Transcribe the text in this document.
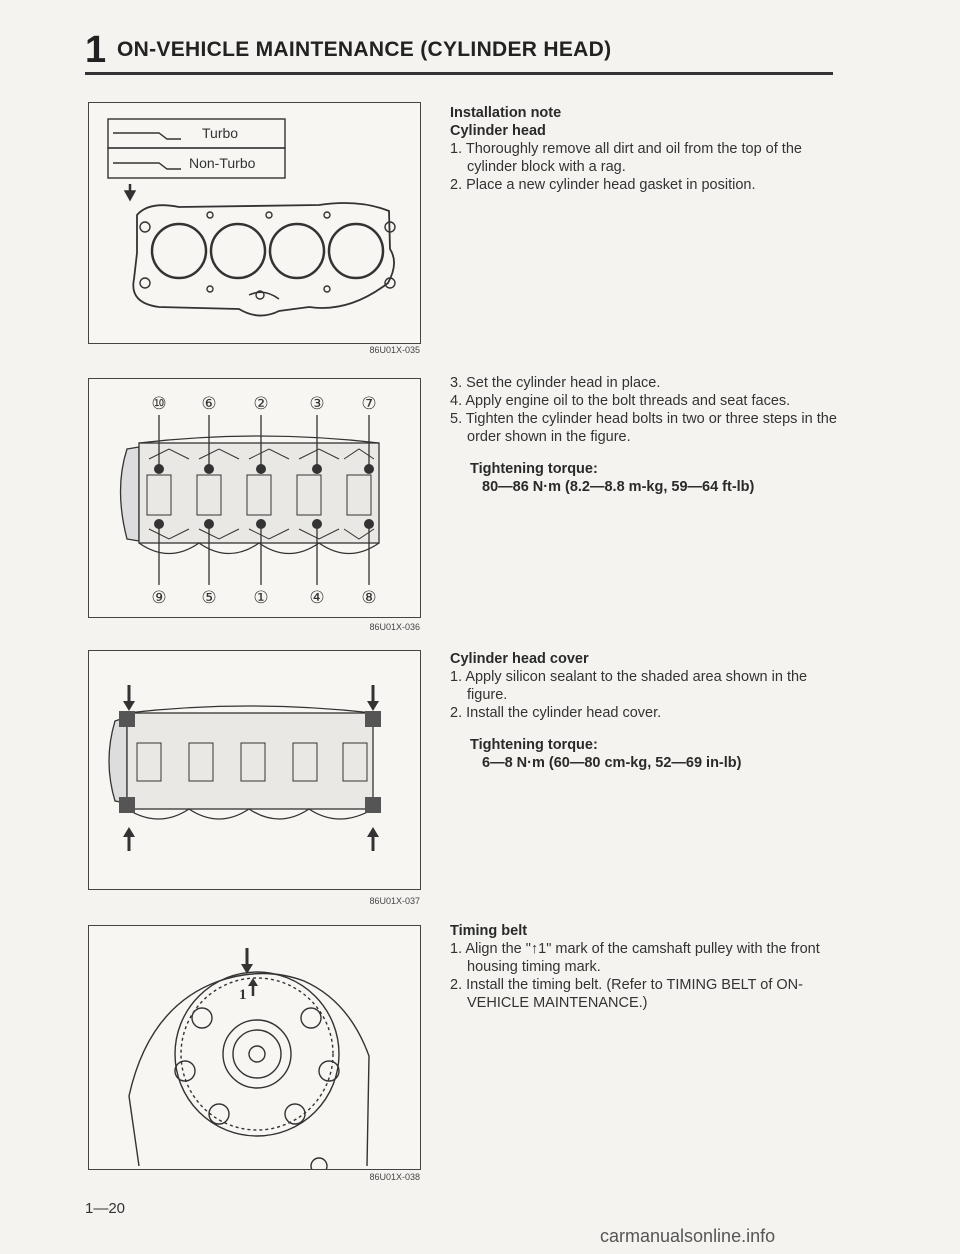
1 ON-VEHICLE MAINTENANCE (CYLINDER HEAD)
Turbo
Non-Turbo
86U01X-035
⑩ ⑥ ② ③ ⑦
⑨ ⑤ ① ④ ⑧
86U01X-036
86U01X-037
1
86U01X-038
Installation note
Cylinder head
1. Thoroughly remove all dirt and oil from the top of the cylinder block with a rag.
2. Place a new cylinder head gasket in position.
3. Set the cylinder head in place.
4. Apply engine oil to the bolt threads and seat faces.
5. Tighten the cylinder head bolts in two or three steps in the order shown in the figure.
Tightening torque:
80—86 N·m (8.2—8.8 m-kg, 59—64 ft-lb)
Cylinder head cover
1. Apply silicon sealant to the shaded area shown in the figure.
2. Install the cylinder head cover.
Tightening torque:
6—8 N·m (60—80 cm-kg, 52—69 in-lb)
Timing belt
1. Align the "↑1" mark of the camshaft pulley with the front housing timing mark.
2. Install the timing belt. (Refer to TIMING BELT of ON-VEHICLE MAINTENANCE.)
1—20
carmanualsonline.info
